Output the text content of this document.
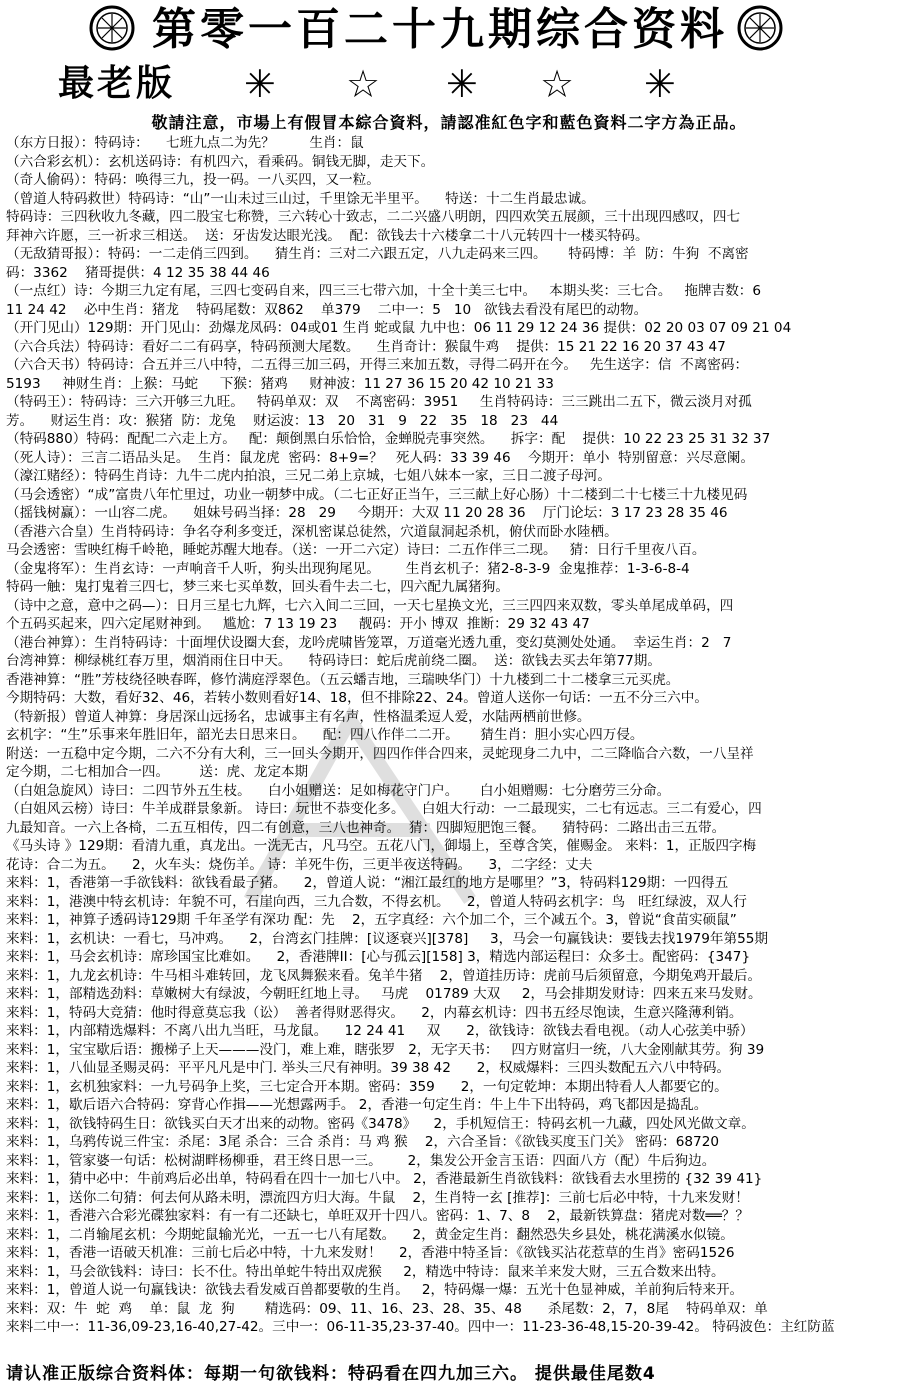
第零一百二十九期综合资料
最老版 ✳ ☆ ✳ ☆ ✳
敬請注意，市場上有假冒本綜合資料，請認准紅色字和藍色資料二字方為正品。
（东方日报）：特码诗：    七班九点二为先？        生肖：鼠
（六合彩玄机）：玄机送码诗：有机四六，看乘码。铜钱无脚，走天下。
（奇人偷码）：特码：唤得三九，投一码。一八买四，又一粒。
（曾道人特码救世）特码诗：“山”一山未过三山过，千里馀无半里平。    特送：十二生肖最忠诚。
特码诗：三四秋收九冬藏，四二股宝七称赞，三六转心十致志，二二兴盛八明朗，四四欢笑五展颜，三十出现四感叹，四七
拜神六许愿，三一祈求三相送。  送：牙齿发达眼光浅。  配：欲钱去十六楼拿二十八元转四十一楼买特码。
（无敌猜哥报）：特码：一二走俏三四到。    猜生肖：三对二六跟五定，八九走码来三四。     特码博：羊  防：牛狗  不离密
码：3362    猪哥提供：4 12 35 38 44 46
（一点红）诗：今期三九定有尾，三四七变码自来，四三三七带六加，十全十美三七中。   本期头奖：三七合。   拖牌吉数：6
11 24 42    必中生肖：猪龙    特码尾数：双862    单379    二中一：5   10   欲钱去看没有尾巴的动物。
（开门见山）129期：开门见山：劲爆龙凤码：04或01 生肖 蛇或鼠 九中也：06 11 29 12 24 36 提供：02 20 03 07 09 21 04
（六合兵法）特码诗：看好二二有码享，特码预测大尾数。    生肖奇计：猴鼠牛鸡    提供：15 21 22 16 20 37 43 47
（六合天书）特码诗：合五并三八中特，二五得三加三码，开得三来加五数，寻得二码开在今。   先生送字：信  不离密码：
5193     神财生肖：上猴：马蛇     下猴：猪鸡     财神波：11 27 36 15 20 42 10 21 33
（特码王）：特码诗：三六开够三九旺。   特码单双：双    不离密码：3951     生肖特码诗：三三跳出二五下，微云淡月对孤
芳。    财运生肖：攻：猴猪  防：龙兔    财运波：13   20   31   9   22   35   18   23   44
（特码880）特码：配配二六走上方。   配：颠倒黑白乐恰恰，金蝉脱壳事突然。    拆字：配    提供：10 22 23 25 31 32 37
（死人诗）：三言二语品头足。  生肖：鼠龙虎  密码：8+9=？   死人码：33 39 46    今期开：单小  特别留意：兴尽意阑。
（濠江赌经）：特码生肖诗：九牛二虎内拍浪，三兄二弟上京城，七姐八妹本一家，三日二渡子母河。
（马会透密）“成”富贵八年忙里过，功业一朝梦中成。（二七正好正当午，三三献上好心肠）十二楼到二十七楼三十九楼见码
（摇钱树赢）：一山容二虎。    姐妹号码当择：28   29     今期开：大双 11 20 28 36    厅门论坛：3 17 23 28 35 46
（香港六合皇）生肖特码诗：争名夺利多变迁，深机密谋总徒然，穴道鼠洞起杀机，俯伏而卧水陸栖。
马会透密：雪映红梅千岭艳，睡蛇苏醒大地春。（送：一开二六定）诗曰：二五作伴三二现。   猜：日行千里夜八百。
（金鬼将军）：生肖玄诗：一声响音千人听，狗头出现狗尾见。      生肖玄机子：猪2-8-3-9  金鬼推荐：1-3-6-8-4
特码一触：鬼打鬼着三四七，梦三来七买单数，回头看牛去二七，四六配九属猪狗。
（诗中之意，意中之码—）：日月三星七九辉，七六入间二三回，一天七星换文光，三三四四来双数，零头单尾成单码，四
个五码买起来，四六定尾财神到。   尴尬：7 13 19 23     靓码：开小 博双  推断：29 32 43 47
（港台神算）：生肖特码诗：十面埋伏设圈大套，龙吟虎啸皆笼罩，万道毫光透九重，变幻莫测处处通。  幸运生肖：2   7
台湾神算：柳绿桃红春万里，烟消雨住日中天。    特码诗曰：蛇后虎前绕二圈。  送：欲钱去买去年第77期。
香港神算：“胜”芳枝绕径映春晖，修竹满庭浮翠色。（五云蟠吉地，三瑞映华门）十九楼到二十二楼拿三元买虎。
今期特码：大数，看好32、46，若转小数则看好14、18，但不排除22、24。曾道人送你一句话：一五不分三六中。
（特新报）曾道人神算：身居深山远扬名，忠诚事主有名声，性格温柔逗人爱，水陆两栖前世修。
玄机字：“生”乐事来年胜旧年，韶光去日思来日。    配：四八作伴二二开。     猜生肖：胆小实心四万侵。
附送：一五稳中定今期，二六不分有大利，三一回头今期开，四四作伴合四来，灵蛇现身二九中，二三降临合六数，一八呈祥
定今期，二七相加合一四。       送：虎、龙定本期
（白姐急旋风）诗曰：二四节外五生枝。    白小姐赠送：足如梅花守门户。     白小姐赠赐：七分磨劳三分命。
（白姐风云榜）诗曰：牛羊成群景象新。 诗曰：玩世不恭变化多。    白姐大行动：一二最现实，二七有远志。三二有爱心，四
九最知音。一六上各椅，二五互相传，四二有创意，三八也神奇。  猜：四脚短肥饱三餐。    猜特码：二路出击三五带。
《马头诗 》129期：看清九重，真龙出。一洗无古，凡马空。五花八门，御塌上，至尊含笑，催赐金。 来料：1，正版四字梅
花诗：合二为五。    2，火车头：烧伤羊。 诗：羊死牛伤，三更半夜送特码。    3，二字经：丈夫
来料：1，香港第一手欲钱料：欲钱看最子猪。    2，曾道人说：“湘江最红的地方是哪里？”3，特码料129期：一四得五
来料：1，港澳中特玄机诗：年貌不可，石崖向西，三九合数，不得玄机。    2，曾道人特码玄机字：鸟   旺红绿波，双人行
来料：1，神算子透码诗129期 千年圣学有深功 配：先    2，五字真经：六个加二个，三个减五个。3，曾说“食苗实硕鼠”
来料：1，玄机诀：一看七，马冲鸡。    2，台湾玄门挂牌：[议逐衰兴][378]     3，马会一句赢钱诀：要钱去找1979年第55期
来料：1，马会玄机诗：席珍国宝比难如。    2，香港牌II：[心与孤云][158] 3，精选内部运程曰：众多士。配密码：{347}
来料：1，九龙玄机诗：牛马相斗难转回，龙飞凤舞猴来看。兔羊牛猪    2，曾道挂历诗：虎前马后须留意，今期兔鸡开最后。
来料：1，部精选劲料：草嫩树大有绿波，今朝旺红地上寻。   马虎    01789 大双     2，马会排期发财诗：四来五来马发财。
来料：1，特码大竞猜：他时得意莫忘我（讼）  善者得财恶得灾。    2，内幕玄机诗：四书五经尽饱读，生意兴隆薄利销。
来料：1，内部精选爆料：不离八出九当旺，马龙鼠。    12 24 41     双      2，欲钱诗：欲钱去看电视。（动人心弦美中骄）
来料：1，宝宝歇后语：搬梯子上天———没门，难上难，瞎张罗   2，无字天书：   四方财富归一统，八大金刚献其劳。狗 39
来料：1，八仙显圣赐灵码：平平凡凡是中门. 举头三尺有神明。39 38 42      2，权威爆料：三四头数配五六八中特码。
来料：1，玄机独家料：一九号码争上奖，三七定合开本期。密码：359      2，一句定乾坤：本期出特看人人都要它的。
来料：1，歇后语六合特码：穿背心作揖——光想露两手。 2，香港一句定生肖：牛上牛下出特码，鸡飞都因是捣乱。
来料：1，欲钱特码生日：欲钱买白天才出来的动物。密码《3478》    2，手机短信王：特码玄机一九藏，四处风光做文章。
来料：1，乌鸦传说三件宝：杀尾：3尾 杀合：三合 杀肖：马 鸡 猴    2，六合圣旨：《欲钱买度玉门关》 密码：68720
来料：1，管家婆一句话：松树湖畔杨柳垂，君王终日思一三。      2，集发公开金言玉语：四面八方（配）牛后狗边。
来料：1，猜中必中：牛前鸡后必出单，特码看在四十一加七八中。 2，香港最新生肖欲钱料：欲钱看去水里捞的 {32 39 41}
来料：1，送你二句猜：何去何从路未明，漂流四方归大海。牛鼠    2，生肖特一玄 [推荐]：三前七后必中特，十九来发财！
来料：1，香港六合彩光碟独家料：有一有二还缺七，单旺双开十四八。密码：1、7、8    2，最新铁算盘：猪虎对数══？？
来料：1，二肖输尾玄机：今期蛇鼠输光光，一五一七八有尾数。    2，黄金定生肖：翻然恐失乡县处，桃花满溪水似镜。
来料：1，香港一语破天机准：三前七后必中特，十九来发财！    2，香港中特圣旨：《欲钱买沾花惹草的生肖》密码1526
来料：1，马会欲钱料：诗曰：长不仕。特出单蛇牛特出双虎猴     2，精选中特诗：鼠来羊来发大财，三五合数来出特。
来料：1，曾道人说一句赢钱诀：欲钱去看发威百兽都要敬的生肖。   2，特码爆一爆：五光十色显神威，羊前狗后特来开。
来料：双：牛  蛇  鸡    单：鼠  龙  狗       精选码：09、11、16、23、28、35、48      杀尾数：2，7，8尾    特码单双：单
来料二中一：11-36,09-23,16-40,27-42。三中一：06-11-35,23-37-40。四中一：11-23-36-48,15-20-39-42。 特码波色：主红防蓝
请认准正版综合资料体：每期一句欲钱料：特码看在四九加三六。 提供最佳尾数4
